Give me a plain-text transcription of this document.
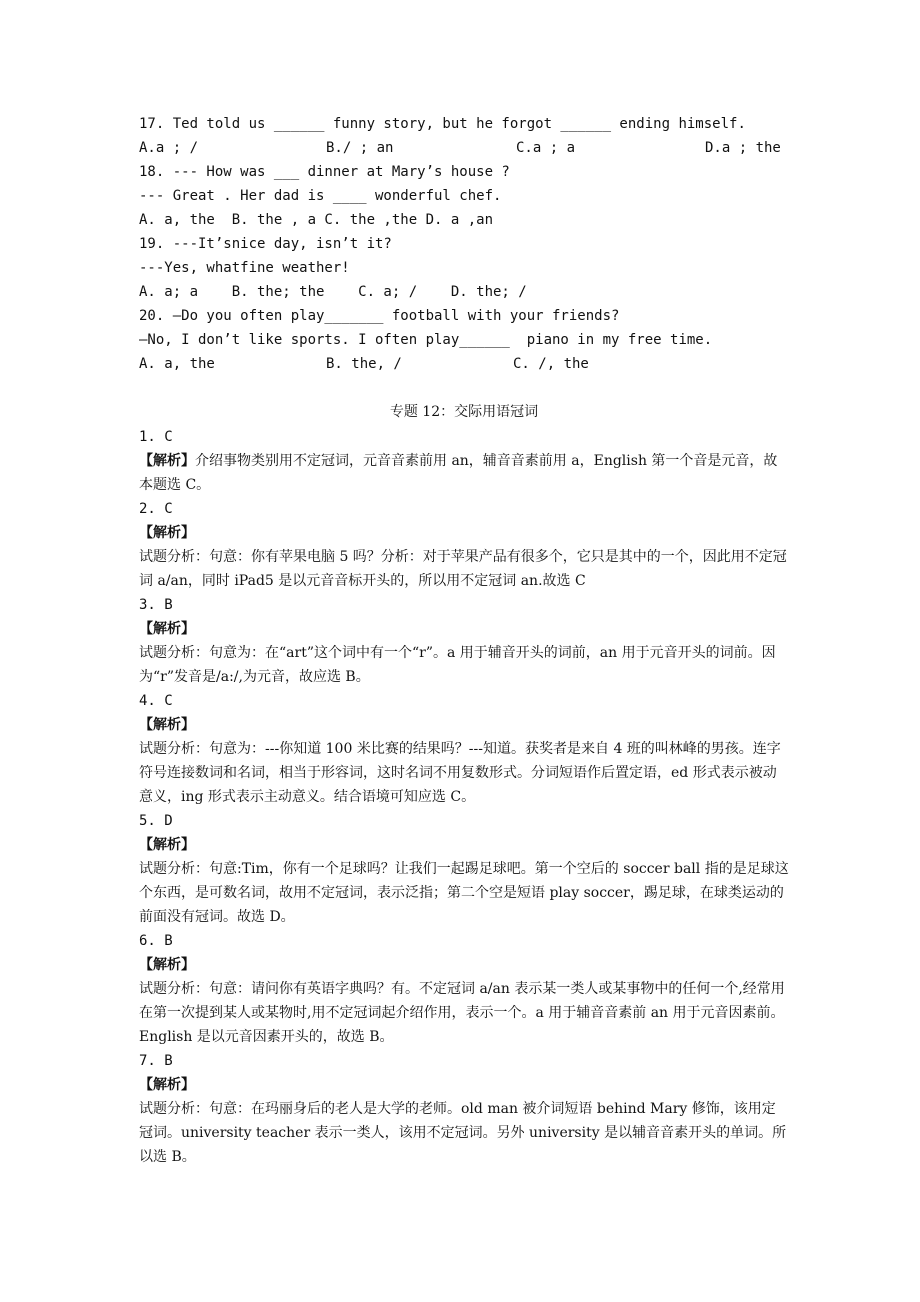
17. Ted told us ______ funny story, but he forgot ______ ending himself.
A.a ; /	B./ ; an	C.a ; a	D.a ; the
18. --- How was ___ dinner at Mary’s house ?
--- Great . Her dad is ____ wonderful chef.
A. a, the  B. the , a C. the ,the D. a ,an
19. ---It’snice day, isn’t it?
---Yes, whatfine weather!
A. a; a    B. the; the    C. a; /    D. the; /
20. —Do you often play_______ football with your friends?
—No, I don’t like sports. I often play______  piano in my free time.
A. a, the	B. the, /	C. /, the
专题 12：交际用语冠词
1. C
【解析】介绍事物类别用不定冠词，元音音素前用 an，辅音音素前用 a，English 第一个音是元音，故本题选 C。
2. C
【解析】
试题分析：句意：你有苹果电脑 5 吗？分析：对于苹果产品有很多个，它只是其中的一个，因此用不定冠词 a/an，同时 iPad5 是以元音音标开头的，所以用不定冠词 an.故选 C
3. B
【解析】
试题分析：句意为：在“art”这个词中有一个“r”。a 用于辅音开头的词前，an 用于元音开头的词前。因为“r”发音是/a:/,为元音，故应选 B。
4. C
【解析】
试题分析：句意为：---你知道 100 米比赛的结果吗？---知道。获奖者是来自 4 班的叫林峰的男孩。连字符号连接数词和名词，相当于形容词，这时名词不用复数形式。分词短语作后置定语，ed 形式表示被动意义，ing 形式表示主动意义。结合语境可知应选 C。
5. D
【解析】
试题分析：句意:Tim，你有一个足球吗？让我们一起踢足球吧。第一个空后的 soccer ball 指的是足球这个东西，是可数名词，故用不定冠词，表示泛指；第二个空是短语 play soccer，踢足球，在球类运动的前面没有冠词。故选 D。
6. B
【解析】
试题分析：句意：请问你有英语字典吗？有。不定冠词 a/an 表示某一类人或某事物中的任何一个,经常用在第一次提到某人或某物时,用不定冠词起介绍作用，表示一个。a 用于辅音音素前 an 用于元音因素前。English 是以元音因素开头的，故选 B。
7. B
【解析】
试题分析：句意：在玛丽身后的老人是大学的老师。old man 被介词短语 behind Mary 修饰，该用定冠词。university teacher 表示一类人，该用不定冠词。另外 university 是以辅音音素开头的单词。所以选 B。
